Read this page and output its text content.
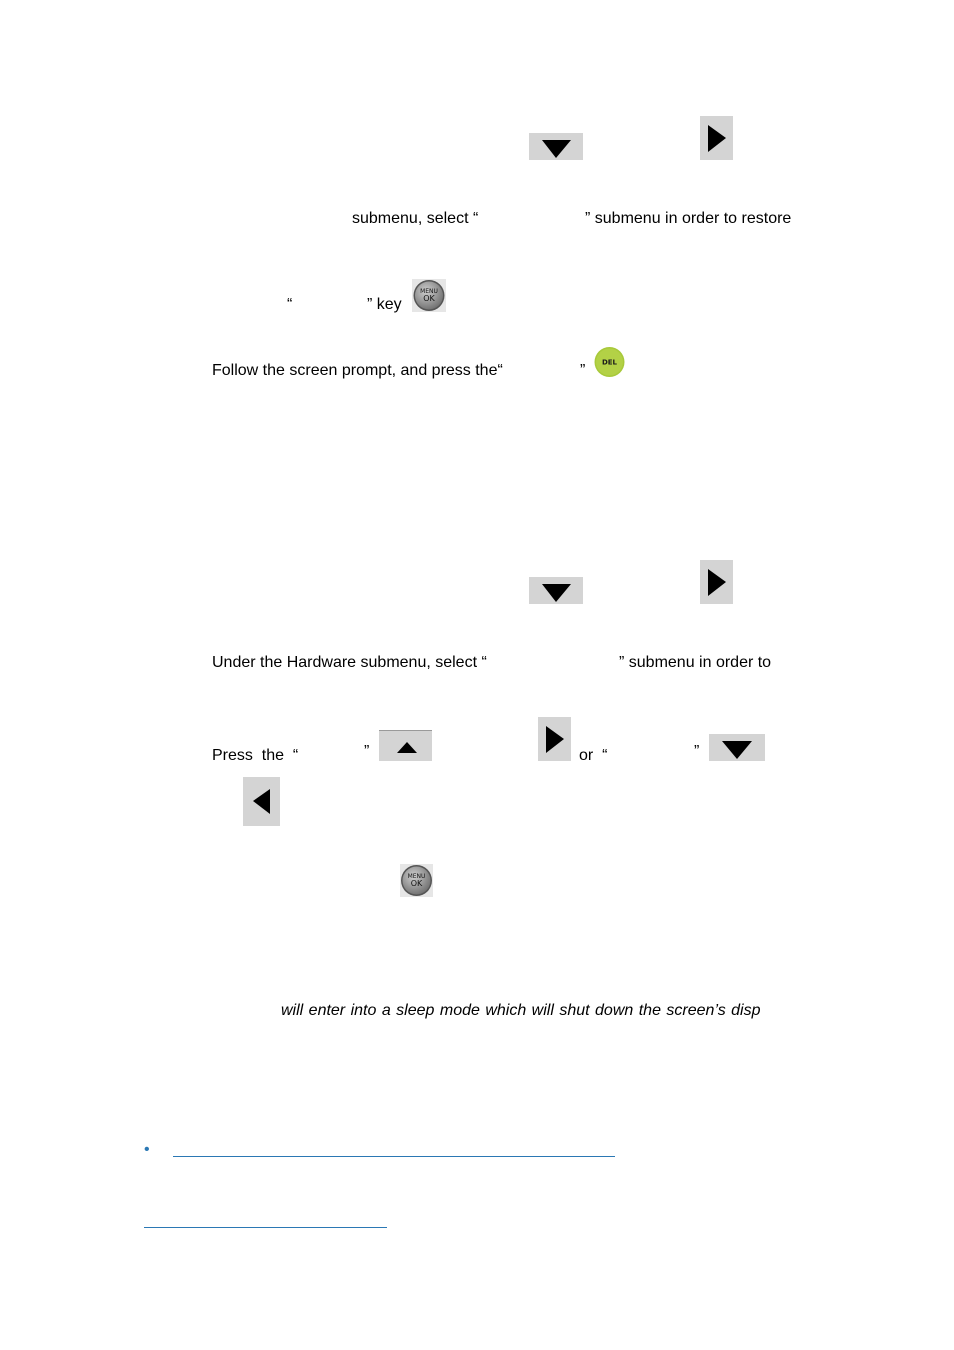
submenu, select “	” submenu in order to restore
“	” key
MENU
OK
Follow the screen prompt, and press the“	” DEL
Under the Hardware submenu, select “	” submenu in order to
Press  the  “	”	or  “	”
MENU
OK
will enter into a sleep mode which will shut down the screen’s disp
•
